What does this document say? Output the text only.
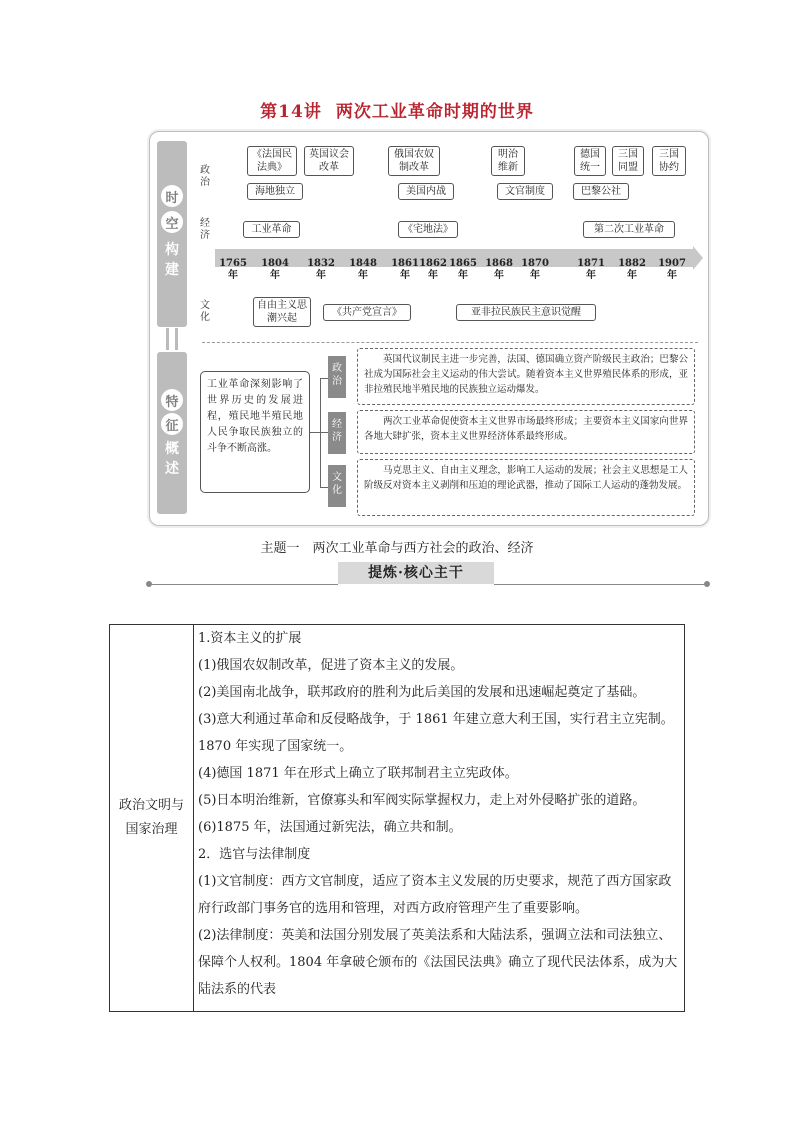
第14讲 两次工业革命时期的世界
时
空
构
建
特
征
概
述
政治
经济
文化
《法国民法典》
英国议会改革
俄国农奴制改革
明治维新
德国统一
三国同盟
三国协约
海地独立	美国内战	文官制度	巴黎公社
工业革命	《宅地法》	第二次工业革命
1765
年
1804
年
1832
年
1848
年
1861
年
1862
年
1865
年
1868
年
1870
年
1871
年
1882
年
1907
年
自由主义思潮兴起
《共产党宣言》	亚非拉民族民主意识觉醒
工业革命深刻影响了世界历史的发展进程，殖民地半殖民地人民争取民族独立的斗争不断高涨。
政治
经济
文化
英国代议制民主进一步完善，法国、德国确立资产阶级民主政治；巴黎公社成为国际社会主义运动的伟大尝试。随着资本主义世界殖民体系的形成，亚非拉殖民地半殖民地的民族独立运动爆发。
两次工业革命促使资本主义世界市场最终形成；主要资本主义国家向世界各地大肆扩张，资本主义世界经济体系最终形成。
马克思主义、自由主义理念，影响工人运动的发展；社会主义思想是工人阶级反对资本主义剥削和压迫的理论武器，推动了国际工人运动的蓬勃发展。
主题一　两次工业革命与西方社会的政治、经济
提炼·核心主干
政治文明与国家治理	

1.资本主义的扩展

(1)俄国农奴制改革，促进了资本主义的发展。

(2)美国南北战争，联邦政府的胜利为此后美国的发展和迅速崛起奠定了基础。

(3)意大利通过革命和反侵略战争，于 1861 年建立意大利王国，实行君主立宪制。1870 年实现了国家统一。

(4)德国 1871 年在形式上确立了联邦制君主立宪政体。

(5)日本明治维新，官僚寡头和军阀实际掌握权力，走上对外侵略扩张的道路。

(6)1875 年，法国通过新宪法，确立共和制。

2．选官与法律制度

(1)文官制度：西方文官制度，适应了资本主义发展的历史要求，规范了西方国家政府行政部门事务官的选用和管理，对西方政府管理产生了重要影响。

(2)法律制度：英美和法国分别发展了英美法系和大陆法系，强调立法和司法独立、保障个人权利。1804 年拿破仑颁布的《法国民法典》确立了现代民法体系，成为大陆法系的代表
